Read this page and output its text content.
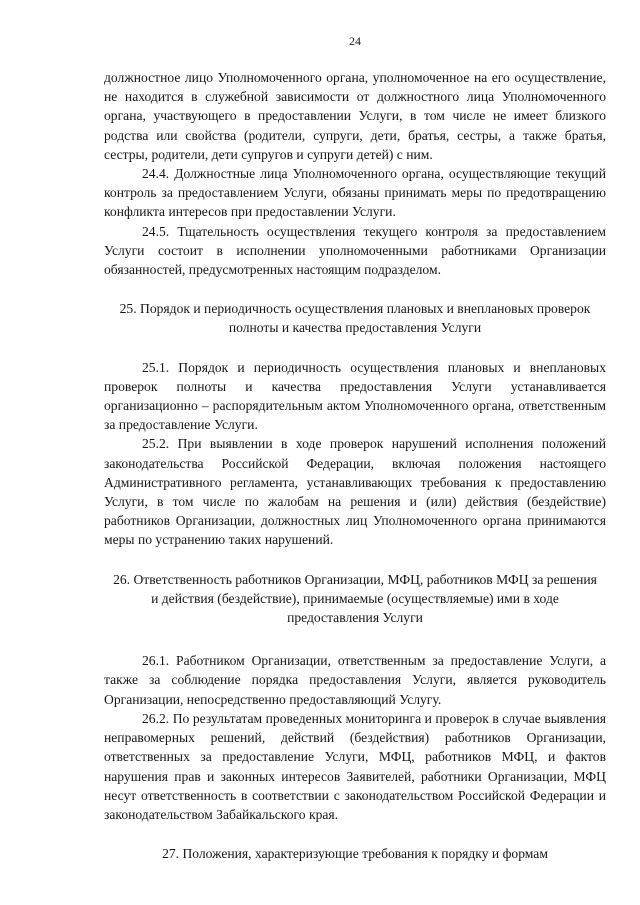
24

должностное лицо Уполномоченного органа, уполномоченное на его осуществление, не находится в служебной зависимости от должностного лица Уполномоченного органа, участвующего в предоставлении Услуги, в том числе не имеет близкого родства или свойства (родители, супруги, дети, братья, сестры, а также братья, сестры, родители, дети супругов и супруги детей) с ним.

24.4. Должностные лица Уполномоченного органа, осуществляющие текущий контроль за предоставлением Услуги, обязаны принимать меры по предотвращению конфликта интересов при предоставлении Услуги.

24.5. Тщательность осуществления текущего контроля за предоставлением Услуги состоит в исполнении уполномоченными работниками Организации обязанностей, предусмотренных настоящим подразделом.

25. Порядок и периодичность осуществления плановых и внеплановых проверок полноты и качества предоставления Услуги

25.1. Порядок и периодичность осуществления плановых и внеплановых проверок полноты и качества предоставления Услуги устанавливается организационно – распорядительным актом Уполномоченного органа, ответственным за предоставление Услуги.

25.2. При выявлении в ходе проверок нарушений исполнения положений законодательства Российской Федерации, включая положения настоящего Административного регламента, устанавливающих требования к предоставлению Услуги, в том числе по жалобам на решения и (или) действия (бездействие) работников Организации, должностных лиц Уполномоченного органа принимаются меры по устранению таких нарушений.

26. Ответственность работников Организации, МФЦ, работников МФЦ за решения и действия (бездействие), принимаемые (осуществляемые) ими в ходе предоставления Услуги

26.1. Работником Организации, ответственным за предоставление Услуги, а также за соблюдение порядка предоставления Услуги, является руководитель Организации, непосредственно предоставляющий Услугу.

26.2. По результатам проведенных мониторинга и проверок в случае выявления неправомерных решений, действий (бездействия) работников Организации, ответственных за предоставление Услуги, МФЦ, работников МФЦ, и фактов нарушения прав и законных интересов Заявителей, работники Организации, МФЦ несут ответственность в соответствии с законодательством Российской Федерации и законодательством Забайкальского края.

27. Положения, характеризующие требования к порядку и формам
